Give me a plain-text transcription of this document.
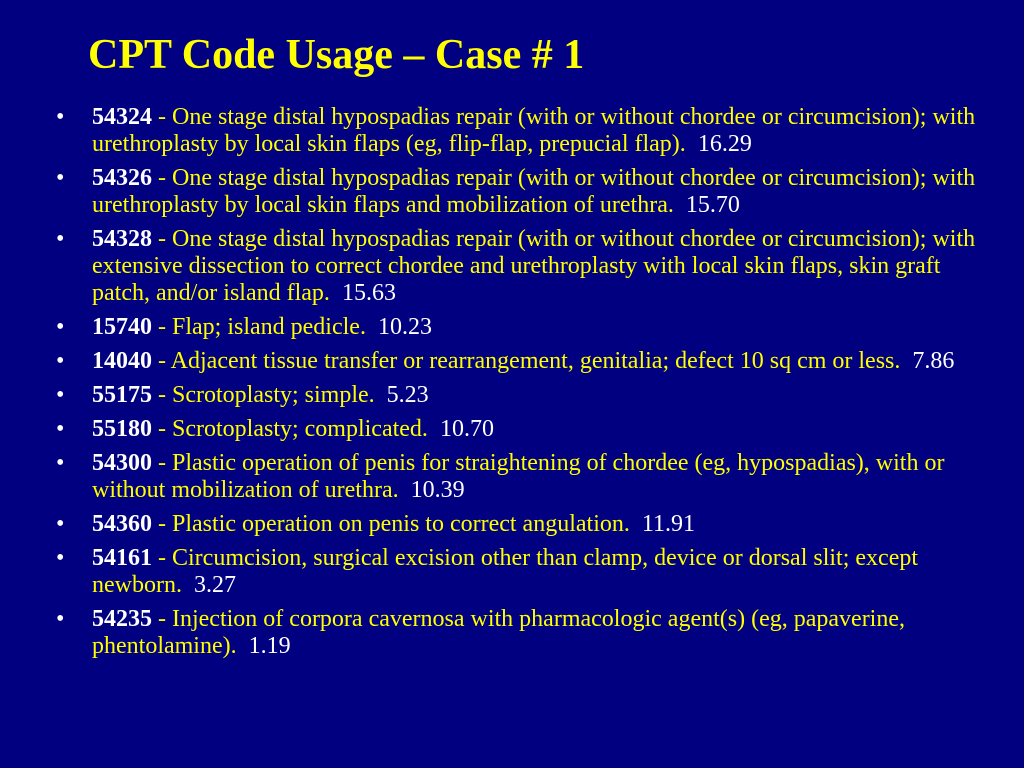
CPT Code Usage – Case # 1
• 54324 - One stage distal hypospadias repair (with or without chordee or circumcision); with urethroplasty by local skin flaps (eg, flip-flap, prepucial flap). 16.29
• 54326 - One stage distal hypospadias repair (with or without chordee or circumcision); with urethroplasty by local skin flaps and mobilization of urethra. 15.70
• 54328 - One stage distal hypospadias repair (with or without chordee or circumcision); with extensive dissection to correct chordee and urethroplasty with local skin flaps, skin graft patch, and/or island flap. 15.63
• 15740 - Flap; island pedicle. 10.23
• 14040 - Adjacent tissue transfer or rearrangement, genitalia; defect 10 sq cm or less. 7.86
• 55175 - Scrotoplasty; simple. 5.23
• 55180 - Scrotoplasty; complicated. 10.70
• 54300 - Plastic operation of penis for straightening of chordee (eg, hypospadias), with or without mobilization of urethra. 10.39
• 54360 - Plastic operation on penis to correct angulation. 11.91
• 54161 - Circumcision, surgical excision other than clamp, device or dorsal slit; except newborn. 3.27
• 54235 - Injection of corpora cavernosa with pharmacologic agent(s) (eg, papaverine, phentolamine). 1.19
